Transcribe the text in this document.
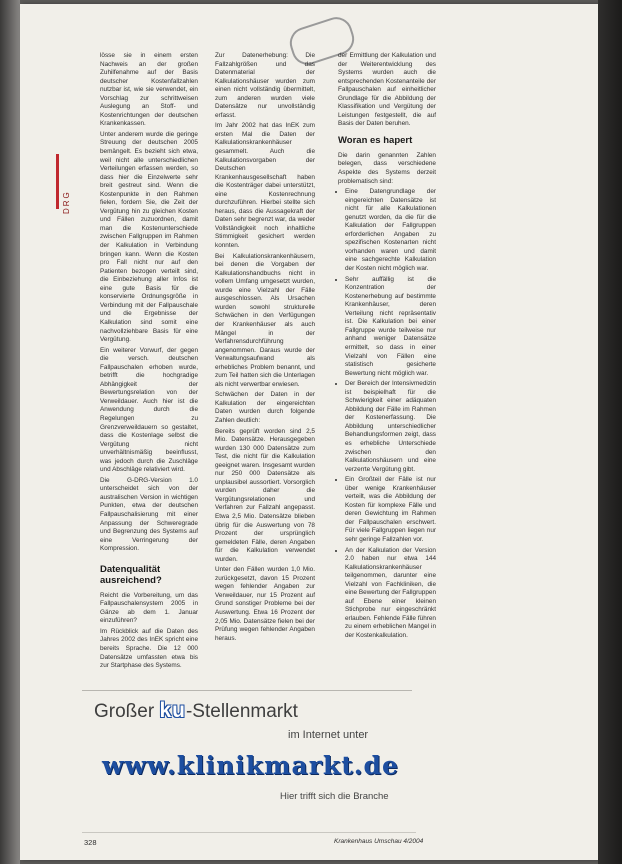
DRG

lösse sie in einem ersten Nachweis an der großen Zuhilfenahme auf der Basis deutscher Kostenfallzahlen nutzbar ist, wie sie verwendet, ein Vorschlag zur schrittweisen Auslegung an Stoff- und Kostenrichtungen der deutschen Krankenkassen.

Unter anderem wurde die geringe Streuung der deutschen 2005 bemängelt. Es bezieht sich etwa, weil nicht alle unterschiedlichen Verteilungen erfassen werden, so dass hier die Einzelwerte sehr breit gestreut sind. Wenn die Kostenpunkte in den Rahmen fielen, fordern Sie, die Zeit der Vergütung hin zu gleichen Kosten und Fällen zuzuordnen, damit man die Kostenunterschiede zwischen Fallgruppen im Rahmen der Kalkulation in Verbindung bringen kann. Wenn die Kosten pro Fall nicht nur auf den Patienten bezogen verteilt sind, die Einbeziehung aller Infos ist eine gute Basis für die konservierte Ordnungsgröße in Verbindung mit der Fallpauschale und die Ergebnisse der Kalkulation sind somit eine nachvollziehbare Basis für eine Vergütung.

Ein weiterer Vorwurf, der gegen die versch. deutschen Fallpauschalen erhoben wurde, betrifft die hochgradige Abhängigkeit der Bewertungsrelation von der Verweildauer. Auch hier ist die Anwendung durch die Regelungen zu Grenzverweildauern so gestaltet, dass die Kostenlage selbst die Vergütung nicht unverhältnismäßig beeinflusst, was jedoch durch die Zuschläge und Abschläge relativiert wird.

Die G-DRG-Version 1.0 unterscheidet sich von der australischen Version in wichtigen Punkten, etwa der deutschen Fallpauschalisierung mit einer Anpassung der Schweregrade und Begrenzung des Systems auf eine Verringerung der Kompression.

Datenqualität ausreichend?

Reicht die Vorbereitung, um das Fallpauschalensystem 2005 in Gänze ab dem 1. Januar einzuführen?

Im Rückblick auf die Daten des Jahres 2002 des InEK spricht eine bereits Sprache. Die 12 000 Datensätze umfassten etwa bis zur Startphase des Systems.

Zur Datenerhebung: Die Fallzahlgrößen und das Datenmaterial der Kalkulationshäuser wurden zum einen nicht vollständig übermittelt, zum anderen wurden viele Datensätze nur unvollständig erfasst.

Im Jahr 2002 hat das InEK zum ersten Mal die Daten der Kalkulationskrankenhäuser gesammelt. Auch die Kalkulationsvorgaben der Deutschen Krankenhausgesellschaft haben die Kostenträger dabei unterstützt, eine Kostenrechnung durchzuführen. Hierbei stellte sich heraus, dass die Aussagekraft der Daten sehr begrenzt war, da weder Vollständigkeit noch inhaltliche Stimmigkeit gesichert werden konnten.

Bei Kalkulationskrankenhäusern, bei denen die Vorgaben der Kalkulationshandbuchs nicht in vollem Umfang umgesetzt wurden, wurde eine Vielzahl der Fälle ausgeschlossen. Als Ursachen wurden sowohl strukturelle Schwächen in den Verfügungen der Krankenhäuser als auch Mängel in der Verfahrensdurchführung angenommen. Daraus wurde der Verwaltungsaufwand als erhebliches Problem benannt, und zum Teil hatten sich die Unterlagen als nicht verwertbar erwiesen.

Schwächen der Daten in der Kalkulation der eingereichten Daten wurden durch folgende Zahlen deutlich:

Bereits geprüft worden sind 2,5 Mio. Datensätze. Herausgegeben wurden 130 000 Datensätze zum Test, die nicht für die Kalkulation geeignet waren. Insgesamt wurden nur 250 000 Datensätze als unplausibel aussortiert. Vorsorglich wurden daher die Vergütungsrelationen und Verfahren zur Fallzahl angepasst. Etwa 2,5 Mio. Datensätze blieben übrig für die Auswertung von 78 Prozent der ursprünglich gemeldeten Fälle, deren Angaben für die Kalkulation verwendet wurden.

Unter den Fällen wurden 1,0 Mio. zurückgesetzt, davon 15 Prozent wegen fehlender Angaben zur Verweildauer, nur 15 Prozent auf Grund sonstiger Probleme bei der Auswertung. Etwa 16 Prozent der 2,05 Mio. Datensätze fielen bei der Prüfung wegen fehlender Angaben heraus.

der Ermittlung der Kalkulation und der Weiterentwicklung des Systems wurden auch die entsprechenden Kostenanteile der Fallpauschalen auf einheitlicher Grundlage für die Abbildung der Klassifikation und Vergütung der Leistungen festgestellt, die auf Basis der Daten beruhen.

Woran es hapert

Die darin genannten Zahlen belegen, dass verschiedene Aspekte des Systems derzeit problematisch sind:

• Eine Datengrundlage der eingereichten Datensätze ist nicht für alle Kalkulationen genutzt worden, da die für die Kalkulation der Fallgruppen erforderlichen Angaben zu spezifischen Kostenarten nicht vorhanden waren und damit eine sachgerechte Kalkulation der Kosten nicht möglich war.
• Sehr auffällig ist die Konzentration der Kostenerhebung auf bestimmte Krankenhäuser, deren Verteilung nicht repräsentativ ist. Die Kalkulation bei einer Fallgruppe wurde teilweise nur anhand weniger Datensätze ermittelt, so dass in einer Vielzahl von Fällen eine statistisch gesicherte Bewertung nicht möglich war.
• Der Bereich der Intensivmedizin ist beispielhaft für die Schwierigkeit einer adäquaten Abbildung der Fälle im Rahmen der Kostenerfassung. Die Abbildung unterschiedlicher Behandlungsformen zeigt, dass es erhebliche Unterschiede zwischen den Kalkulationshäusern und eine verzerrte Vergütung gibt.
• Ein Großteil der Fälle ist nur über wenige Krankenhäuser verteilt, was die Abbildung der Kosten für komplexe Fälle und deren Gewichtung im Rahmen der Fallpauschalen erschwert. Für viele Fallgruppen liegen nur sehr geringe Fallzahlen vor.
• An der Kalkulation der Version 2.0 haben nur etwa 144 Kalkulationskrankenhäuser teilgenommen, darunter eine Vielzahl von Fachkliniken, die eine Bewertung der Fallgruppen auf Ebene einer kleinen Stichprobe nur eingeschränkt erlauben. Fehlende Fälle führen zu einem erheblichen Mangel in der Kostenkalkulation.
Großer ku-Stellenmarkt
im Internet unter
www.klinikmarkt.de
Hier trifft sich die Branche
328	Krankenhaus Umschau 4/2004
